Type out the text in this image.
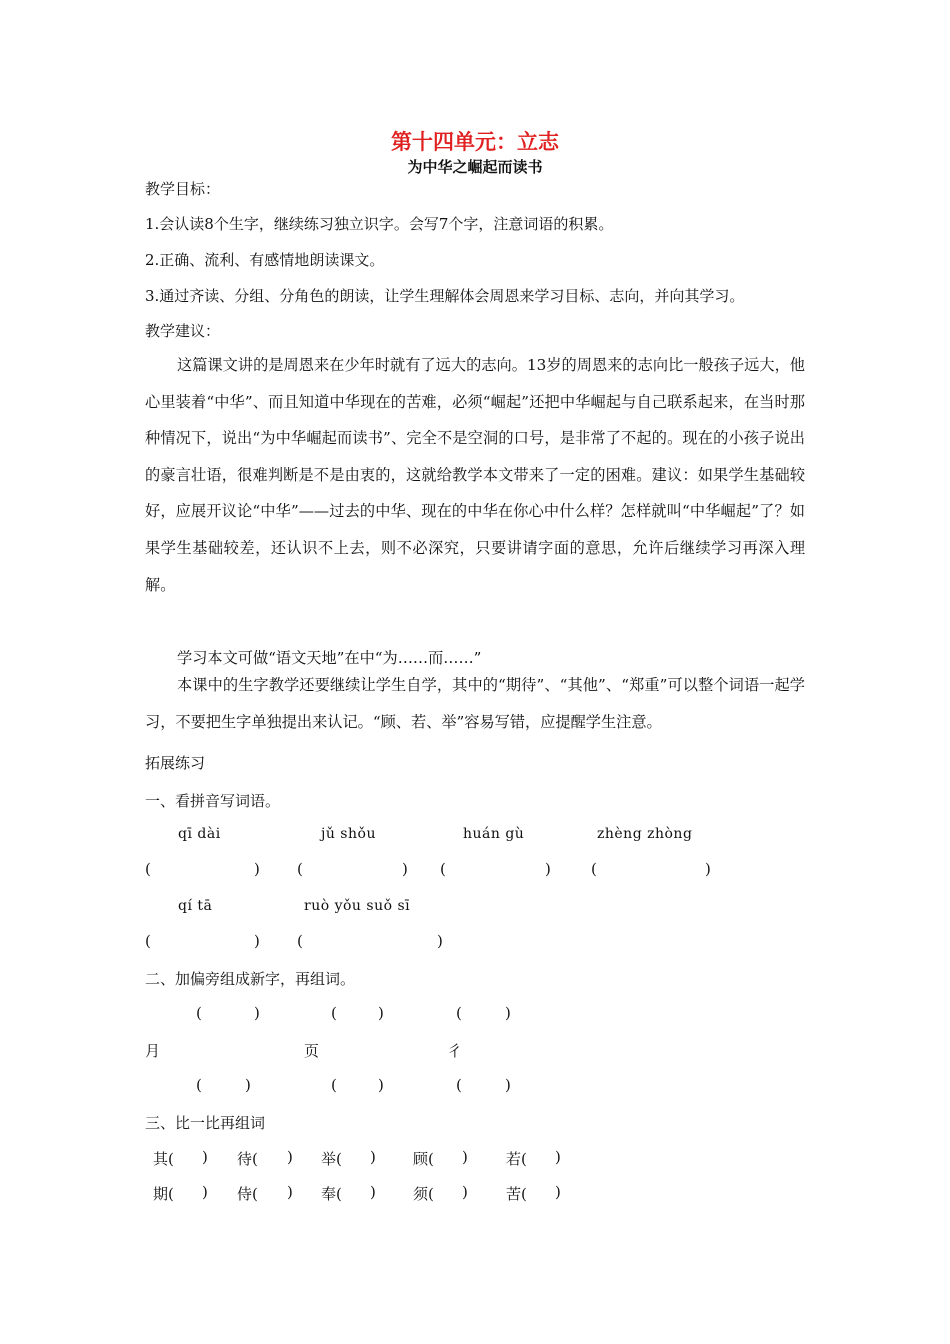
第十四单元：立志
为中华之崛起而读书
教学目标：
1.会认读8个生字，继续练习独立识字。会写7个字，注意词语的积累。
2.正确、流利、有感情地朗读课文。
3.通过齐读、分组、分角色的朗读，让学生理解体会周恩来学习目标、志向，并向其学习。
教学建议：
这篇课文讲的是周恩来在少年时就有了远大的志向。13岁的周恩来的志向比一般孩子远大，他心里装着“中华”、而且知道中华现在的苦难，必须“崛起”还把中华崛起与自己联系起来，在当时那种情况下，说出“为中华崛起而读书”、完全不是空洞的口号，是非常了不起的。现在的小孩子说出的豪言壮语，很难判断是不是由衷的，这就给教学本文带来了一定的困难。建议：如果学生基础较好，应展开议论“中华”——过去的中华、现在的中华在你心中什么样？怎样就叫“中华崛起”了？如果学生基础较差，还认识不上去，则不必深究，只要讲请字面的意思，允许后继续学习再深入理解。
学习本文可做“语文天地”在中“为……而……”
本课中的生字教学还要继续让学生自学，其中的“期待”、“其他”、“郑重”可以整个词语一起学习，不要把生字单独提出来认记。“顾、若、举”容易写错，应提醒学生注意。
拓展练习
一、看拼音写词语。
qī dài	jǔ shǒu	huán gù	zhèng zhòng
(	) (	) (	)	(	)
qí tā	ruò yǒu suǒ sī
(	) (	)
二、加偏旁组成新字，再组词。
(	)	(	)	(	)
月	页	彳
(	)	(	)	(	)
三、比一比再组词
其( ) 待( ) 举( ) 顾( )	若( )
期( ) 侍( ) 奉( ) 须( )	苦( )
